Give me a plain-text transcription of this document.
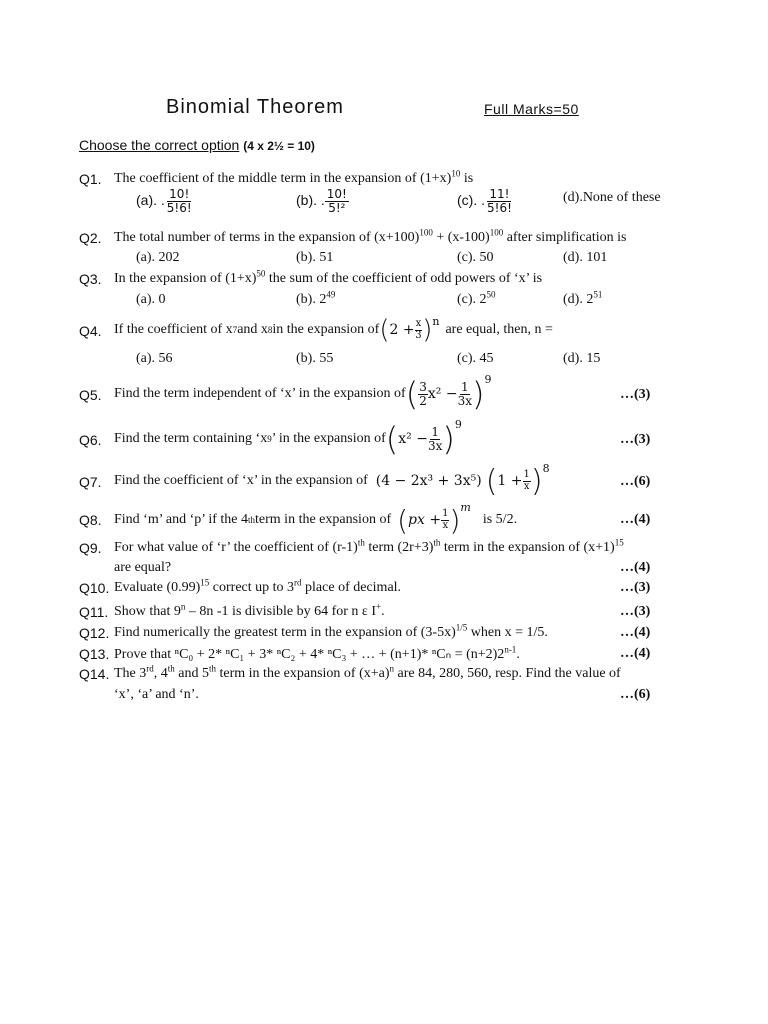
Binomial Theorem	Full Marks=50
Choose the correct option (4 x 2½ = 10)
Q1. The coefficient of the middle term in the expansion of $(1+x)^{10}$ is
(a). . $\frac{10!}{5!6!}$	(b). . $\frac{10!}{\text{5!²}}$	(c). . $\frac{11!}{5!6!}$	(d).None of these
Q2. The total number of terms in the expansion of $(x+100)^{100} + (x-100)^{100}$ after simplification is
(a). 202	(b). 51	(c). 50	(d). 101
Q3. In the expansion of $(1+x)^{50}$ the sum of the coefficient of odd powers of ‘x’ is
(a). 0	(b). $2^{49}$	(c). $2^{50}$	(d). $2^{51}$
Q4. If the coefficient of x 7 and x 8 in the expansion of ( $2 + \frac{x}{3} )^n$
are equal, then, n =
(a). 56	(b). 55	(c). 45	(d). 15
Q5. Find the term independent of ‘x’ in the expansion of ( 3
2 $x^2 - \frac{1}{3x} )^9$
…(3)
Q6. Find the term containing ‘x 9 ’ in the expansion of ( $x^2 - \frac{1}{3x} )^9$
…(3)
Q7. Find the coefficient of ‘x’ in the expansion of (4 − 2x³ + 3x⁵) ( $1 + \frac{1}{x} )^8$
…(6)
Q8. Find ‘m’ and ‘p’ if the 4 th term in the expansion of ( px + $\frac{1}{x} )^m$
is 5/2.	…(4)
Q9. For what value of ‘r’ the coefficient of $(r-1)^{th}$ term $(2r+3)^{th}$ term in the expansion of $(x+1)^{15}$
are equal?	…(4)
Q10. Evaluate $(0.99)^{15}$ correct up to 3rd place of decimal.	…(3)
Q11. Show that 9$^n$ – 8n -1 is divisible by 64 for n ε I+.	…(3)
Q12. Find numerically the greatest term in the expansion of $(3-5x)^{1/5}$ when x = 1/5.	…(4)
Q13. Prove that ⁿC₀ + 2* ⁿC₁ + 3* ⁿC₂ + 4* ⁿC₃ + … + (n+1)* $^nC_n = (n+2)2^{n-1}$.	…(4)
Q14. The 3rd, 4th and 5th term in the expansion of $(x+a)^n$ are 84, 280, 560, resp. Find the value of
‘x’, ‘a’ and ‘n’.	…(6)
